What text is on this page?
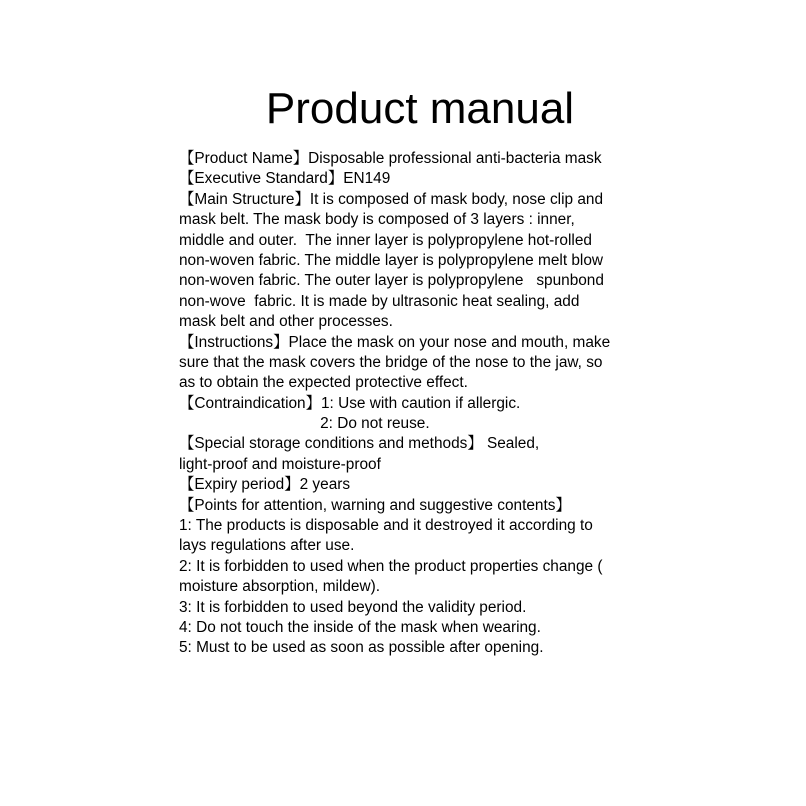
Product manual
【Product Name】Disposable professional anti-bacteria mask
【Executive Standard】EN149
【Main Structure】It is composed of mask body, nose clip and
mask belt. The mask body is composed of 3 layers : inner,
middle and outer.  The inner layer is polypropylene hot-rolled
non-woven fabric. The middle layer is polypropylene melt blow
non-woven fabric. The outer layer is polypropylene   spunbond
non-wove  fabric. It is made by ultrasonic heat sealing, add
mask belt and other processes.
【Instructions】Place the mask on your nose and mouth, make
sure that the mask covers the bridge of the nose to the jaw, so
as to obtain the expected protective effect.
【Contraindication】1: Use with caution if allergic.
2: Do not reuse.
【Special storage conditions and methods】 Sealed,
light-proof and moisture-proof
【Expiry period】2 years
【Points for attention, warning and suggestive contents】
1: The products is disposable and it destroyed it according to
lays regulations after use.
2: It is forbidden to used when the product properties change (
moisture absorption, mildew).
3: It is forbidden to used beyond the validity period.
4: Do not touch the inside of the mask when wearing.
5: Must to be used as soon as possible after opening.
